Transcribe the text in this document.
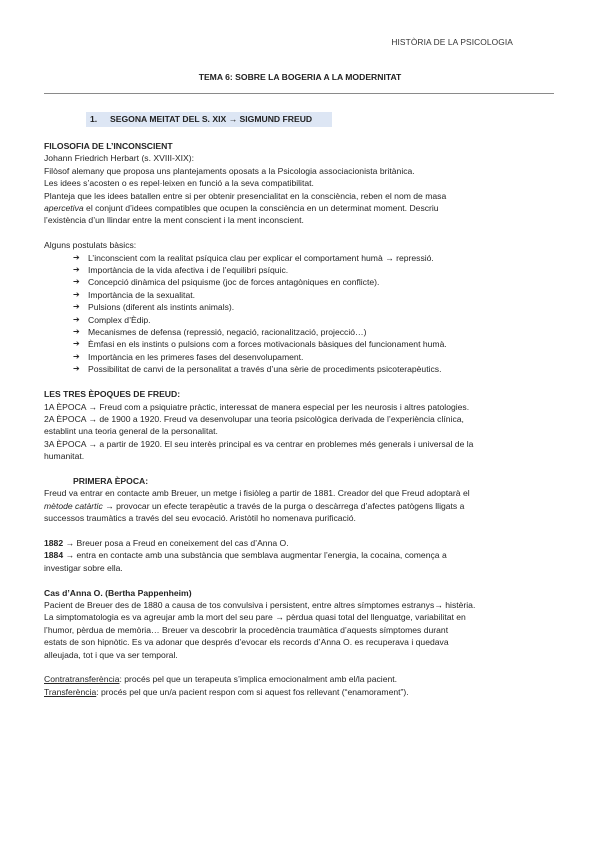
HISTÒRIA DE LA PSICOLOGIA
TEMA 6: SOBRE LA BOGERIA A LA MODERNITAT
1. SEGONA MEITAT DEL S. XIX → SIGMUND FREUD

FILOSOFIA DE L’INCONSCIENT

Johann Friedrich Herbart (s. XVIII-XIX):

Filòsof alemany que proposa uns plantejaments oposats a la Psicologia associacionista britànica.

Les idees s’acosten o es repel·leixen en funció a la seva compatibilitat.

Planteja que les idees batallen entre si per obtenir presencialitat en la consciència, reben el nom de masa

apercetiva el conjunt d’idees compatibles que ocupen la consciència en un determinat moment. Descriu

l’existència d’un llindar entre la ment conscient i la ment inconscient.

Alguns postulats bàsics:

➔ L’inconscient com la realitat psíquica clau per explicar el comportament humà → repressió.
➔ Importància de la vida afectiva i de l’equilibri psíquic.
➔ Concepció dinàmica del psiquisme (joc de forces antagòniques en conflicte).
➔ Importància de la sexualitat.
➔ Pulsions (diferent als instints animals).
➔ Complex d’Èdip.
➔ Mecanismes de defensa (repressió, negació, racionalització, projecció…)
➔ Èmfasi en els instints o pulsions com a forces motivacionals bàsiques del funcionament humà.
➔ Importància en les primeres fases del desenvolupament.
➔ Possibilitat de canvi de la personalitat a través d’una sèrie de procediments psicoterapèutics.

LES TRES ÈPOQUES DE FREUD:

1A ÈPOCA → Freud com a psiquiatre pràctic, interessat de manera especial per les neurosis i altres patologies.

2A ÈPOCA → de 1900 a 1920. Freud va desenvolupar una teoria psicològica derivada de l’experiència clínica,

establint una teoria general de la personalitat.

3A ÈPOCA → a partir de 1920. El seu interès principal es va centrar en problemes més generals i universal de la

humanitat.

PRIMERA ÈPOCA:

Freud va entrar en contacte amb Breuer, un metge i fisiòleg a partir de 1881. Creador del que Freud adoptarà el

mètode catàrtic → provocar un efecte terapèutic a través de la purga o descàrrega d’afectes patògens lligats a

successos traumàtics a través del seu evocació. Aristòtil ho nomenava purificació.

1882 → Breuer posa a Freud en coneixement del cas d’Anna O.

1884 → entra en contacte amb una substància que semblava augmentar l’energia, la cocaina, comença a

investigar sobre ella.

Cas d’Anna O. (Bertha Pappenheim)

Pacient de Breuer des de 1880 a causa de tos convulsiva i persistent, entre altres símptomes estranys→ histèria.

La simptomatologia es va agreujar amb la mort del seu pare → pèrdua quasi total del llenguatge, variabilitat en

l’humor, pèrdua de memòria… Breuer va descobrir la procedència traumàtica d’aquests símptomes durant

estats de son hipnòtic. Es va adonar que després d’evocar els records d’Anna O. es recuperava i quedava

alleujada, tot i que va ser temporal.

Contratransferència: procés pel que un terapeuta s’implica emocionalment amb el/la pacient.

Transferència: procés pel que un/a pacient respon com si aquest fos rellevant (“enamorament”).
